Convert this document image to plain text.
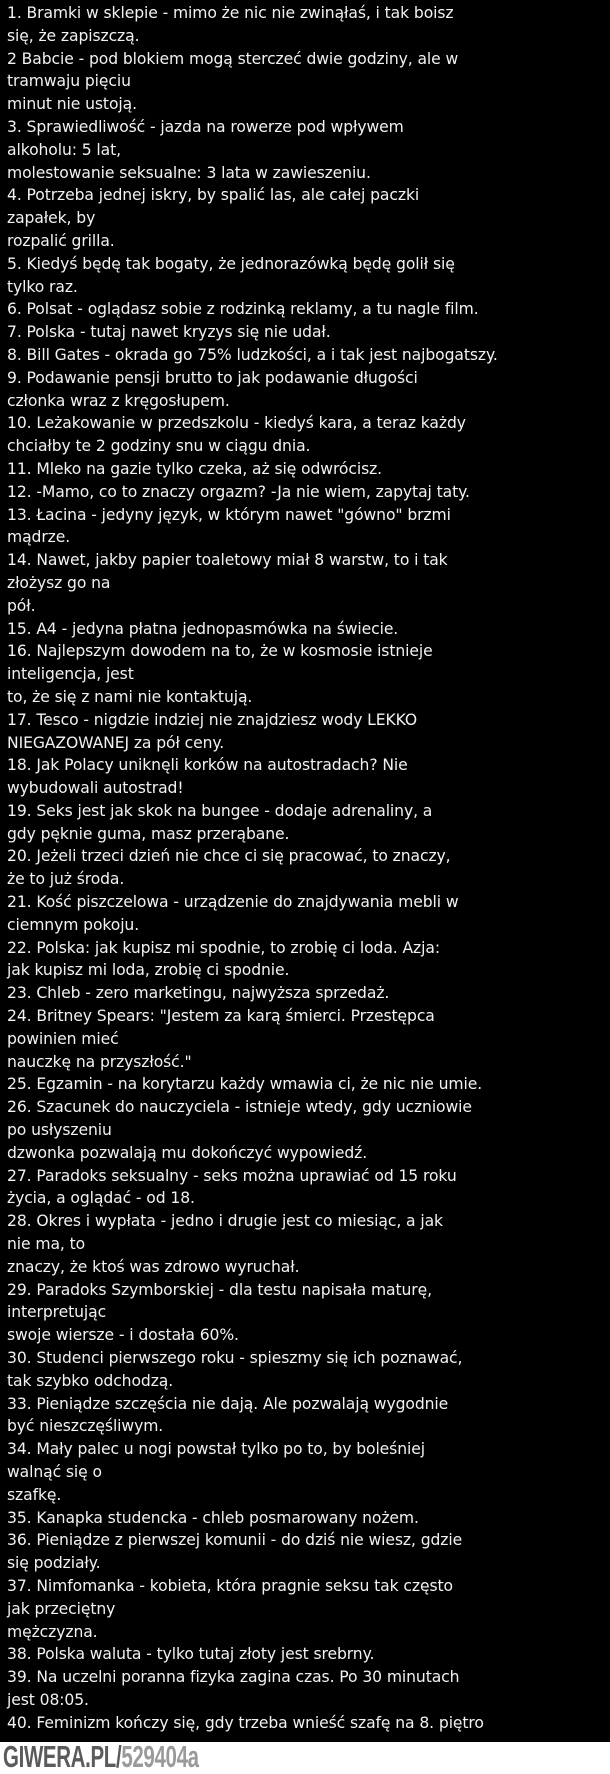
1. Bramki w sklepie - mimo że nic nie zwinąłaś, i tak boisz
się, że zapiszczą.
2 Babcie - pod blokiem mogą sterczeć dwie godziny, ale w
tramwaju pięciu
minut nie ustoją.
3. Sprawiedliwość - jazda na rowerze pod wpływem
alkoholu: 5 lat,
molestowanie seksualne: 3 lata w zawieszeniu.
4. Potrzeba jednej iskry, by spalić las, ale całej paczki
zapałek, by
rozpalić grilla.
5. Kiedyś będę tak bogaty, że jednorazówką będę golił się
tylko raz.
6. Polsat - oglądasz sobie z rodzinką reklamy, a tu nagle film.
7. Polska - tutaj nawet kryzys się nie udał.
8. Bill Gates - okrada go 75% ludzkości, a i tak jest najbogatszy.
9. Podawanie pensji brutto to jak podawanie długości
członka wraz z kręgosłupem.
10. Leżakowanie w przedszkolu - kiedyś kara, a teraz każdy
chciałby te 2 godziny snu w ciągu dnia.
11. Mleko na gazie tylko czeka, aż się odwrócisz.
12. -Mamo, co to znaczy orgazm? -Ja nie wiem, zapytaj taty.
13. Łacina - jedyny język, w którym nawet "gówno" brzmi
mądrze.
14. Nawet, jakby papier toaletowy miał 8 warstw, to i tak
złożysz go na
pół.
15. A4 - jedyna płatna jednopasmówka na świecie.
16. Najlepszym dowodem na to, że w kosmosie istnieje
inteligencja, jest
to, że się z nami nie kontaktują.
17. Tesco - nigdzie indziej nie znajdziesz wody LEKKO
NIEGAZOWANEJ za pół ceny.
18. Jak Polacy uniknęli korków na autostradach? Nie
wybudowali autostrad!
19. Seks jest jak skok na bungee - dodaje adrenaliny, a
gdy pęknie guma, masz przerąbane.
20. Jeżeli trzeci dzień nie chce ci się pracować, to znaczy,
że to już środa.
21. Kość piszczelowa - urządzenie do znajdywania mebli w
ciemnym pokoju.
22. Polska: jak kupisz mi spodnie, to zrobię ci loda. Azja:
jak kupisz mi loda, zrobię ci spodnie.
23. Chleb - zero marketingu, najwyższa sprzedaż.
24. Britney Spears: "Jestem za karą śmierci. Przestępca
powinien mieć
nauczkę na przyszłość."
25. Egzamin - na korytarzu każdy wmawia ci, że nic nie umie.
26. Szacunek do nauczyciela - istnieje wtedy, gdy uczniowie
po usłyszeniu
dzwonka pozwalają mu dokończyć wypowiedź.
27. Paradoks seksualny - seks można uprawiać od 15 roku
życia, a oglądać - od 18.
28. Okres i wypłata - jedno i drugie jest co miesiąc, a jak
nie ma, to
znaczy, że ktoś was zdrowo wyruchał.
29. Paradoks Szymborskiej - dla testu napisała maturę,
interpretując
swoje wiersze - i dostała 60%.
30. Studenci pierwszego roku - spieszmy się ich poznawać,
tak szybko odchodzą.
33. Pieniądze szczęścia nie dają. Ale pozwalają wygodnie
być nieszczęśliwym.
34. Mały palec u nogi powstał tylko po to, by boleśniej
walnąć się o
szafkę.
35. Kanapka studencka - chleb posmarowany nożem.
36. Pieniądze z pierwszej komunii - do dziś nie wiesz, gdzie
się podziały.
37. Nimfomanka - kobieta, która pragnie seksu tak często
jak przeciętny
mężczyzna.
38. Polska waluta - tylko tutaj złoty jest srebrny.
39. Na uczelni poranna fizyka zagina czas. Po 30 minutach
jest 08:05.
40. Feminizm kończy się, gdy trzeba wnieść szafę na 8. piętro
GIWERA.PL/529404a
